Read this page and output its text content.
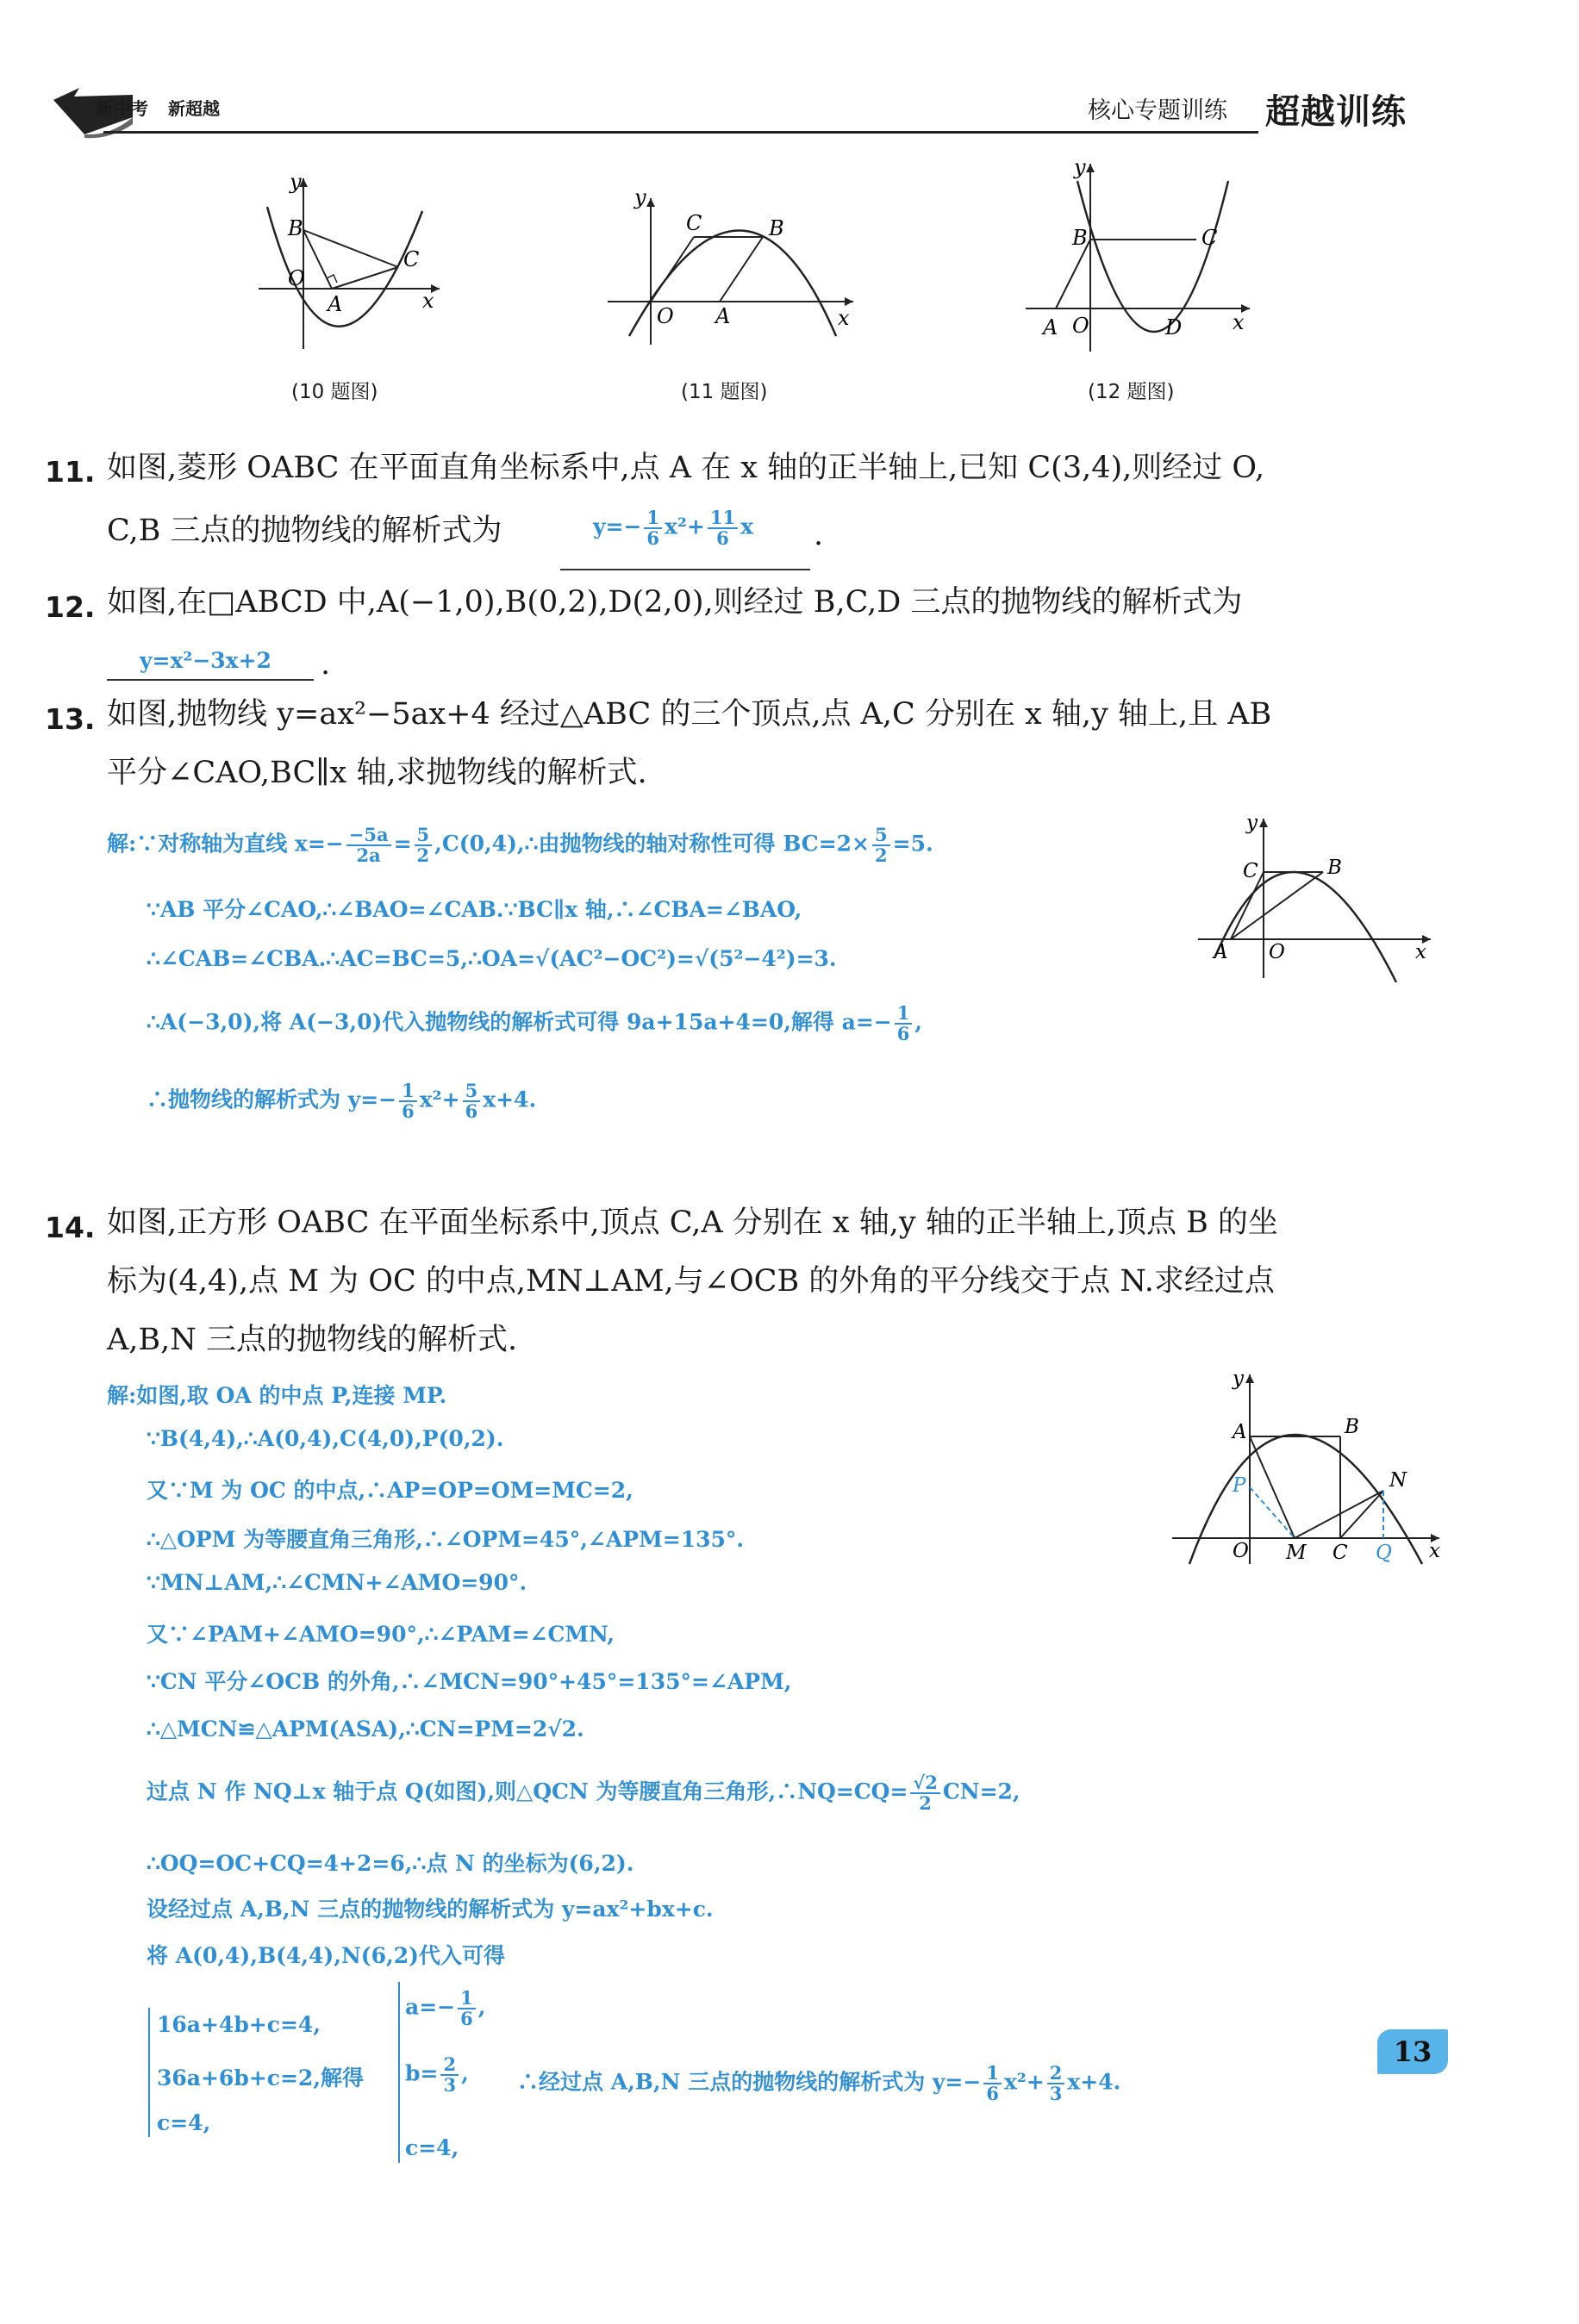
新中考 新超越	核心专题训练 超越训练
y
B
C
O
A	x
(10 题图)
y
C	B
O A	x
(11 题图)
y
B	C
A O	D x
(12 题图)
11. 如图,菱形 OABC 在平面直角坐标系中,点 A 在 x 轴的正半轴上,已知 C(3,4),则经过 O,
C,B 三点的抛物线的解析式为	$y=- \frac{1}{6} x^2+ \frac{11}{6}$ x .
12. 如图,在□ABCD 中,A(−1,0),B(0,2),D(2,0),则经过 B,C,D 三点的抛物线的解析式为
y=x²−3x+2 .
13. 如图,抛物线 y=ax²−5ax+4 经过△ABC 的三个顶点,点 A,C 分别在 x 轴,y 轴上,且 AB
平分∠CAO,BC∥x 轴,求抛物线的解析式.
解:∵对称轴为直线 $x=- \frac{-5a}{2a} = \frac{5}{2}$ ,C(0,4),∴由抛物线的轴对称性可得 $BC=2\times \frac{5}{2} =5$.
∵AB 平分∠CAO,∴∠BAO=∠CAB.∵BC∥x 轴,∴∠CBA=∠BAO,
∴∠CAB=∠CBA.∴AC=BC=5,∴OA=√(AC²−OC²)=√(5²−4²)=3.
∴A(−3,0),将 A(−3,0)代入抛物线的解析式可得 9a+15a+4=0,解得 $a=- \frac{1}{6}$ ,
∴抛物线的解析式为 $y=- \frac{1}{6} x^2+ \frac{5}{6} x+4$.
y
C	B
A O	x
14. 如图,正方形 OABC 在平面坐标系中,顶点 C,A 分别在 x 轴,y 轴的正半轴上,顶点 B 的坐
标为(4,4),点 M 为 OC 的中点,MN⊥AM,与∠OCB 的外角的平分线交于点 N.求经过点
A,B,N 三点的抛物线的解析式.
解:如图,取 OA 的中点 P,连接 MP.
∵B(4,4),∴A(0,4),C(4,0),P(0,2).
又∵M 为 OC 的中点,∴AP=OP=OM=MC=2,
∴△OPM 为等腰直角三角形,∴∠OPM=45°,∠APM=135°.
∵MN⊥AM,∴∠CMN+∠AMO=90°.
又∵∠PAM+∠AMO=90°,∴∠PAM=∠CMN,
∵CN 平分∠OCB 的外角,∴∠MCN=90°+45°=135°=∠APM,
∴△MCN≌△APM(ASA),∴CN=PM=2√2.
过点 N 作 NQ⊥x 轴于点 Q(如图),则△QCN 为等腰直角三角形,∴NQ=CQ= $\frac{√2}{2} CN=2$,
∴OQ=OC+CQ=4+2=6,∴点 N 的坐标为(6,2).
设经过点 A,B,N 三点的抛物线的解析式为 y=ax²+bx+c.
将 A(0,4),B(4,4),N(6,2)代入可得
16a+4b+c=4,
36a+6b+c=2,解得
c=4,
$a=- \frac{1}{6}$ ,
$b= \frac{2}{3}$ ,
c=4,
∴经过点 A,B,N 三点的抛物线的解析式为 $y=- \frac{1}{6} x^2+ \frac{2}{3} x+4$.
y
A	B
P	N
O M C Q x
13
